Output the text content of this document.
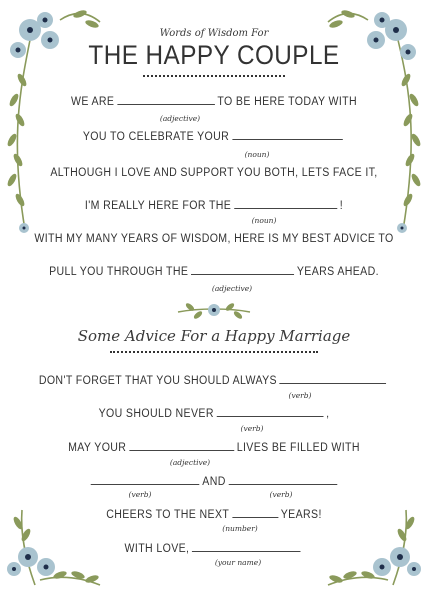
Words of Wisdom For
THE HAPPY COUPLE
WE ARE	TO BE HERE TODAY WITH
(adjective)
YOU TO CELEBRATE YOUR
(noun)
ALTHOUGH I LOVE AND SUPPORT YOU BOTH, LETS FACE IT,
I'M REALLY HERE FOR THE	!
(noun)
WITH MY MANY YEARS OF WISDOM, HERE IS MY BEST ADVICE TO
PULL YOU THROUGH THE	YEARS AHEAD.
(adjective)
Some Advice For a Happy Marriage
DON'T FORGET THAT YOU SHOULD ALWAYS
(verb)
YOU SHOULD NEVER	,
(verb)
MAY YOUR	LIVES BE FILLED WITH
(adjective)
AND
(verb)	(verb)
CHEERS TO THE NEXT	YEARS!
(number)
WITH LOVE,
(your name)
